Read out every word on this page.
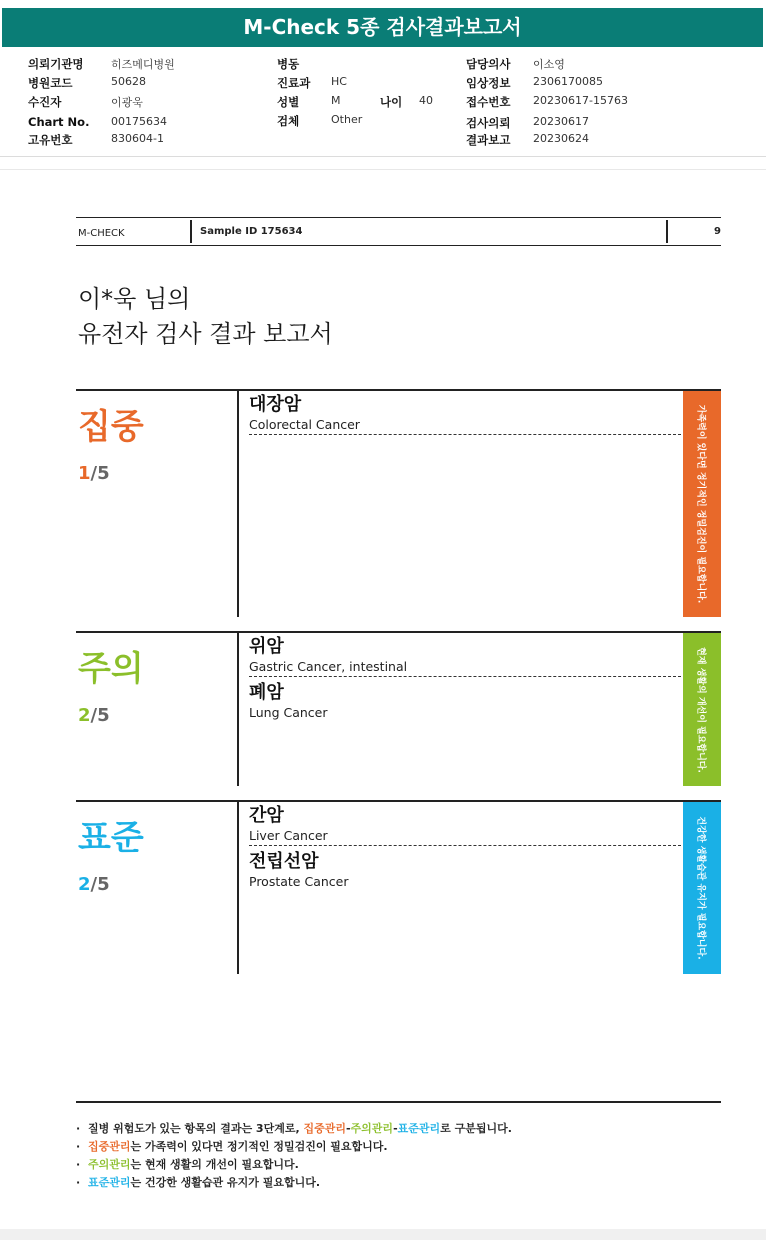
M-Check 5종 검사결과보고서
의뢰기관명 히즈메디병원
병원코드	50628
수진자	이광욱
Chart No. 00175634
고유번호	830604-1
병동
진료과 HC
성별	M	나이 40
검체	Other
담당의사 이소영
임상정보 2306170085
접수번호 20230617-15763
검사의뢰 20230617
결과보고 20230624
M-CHECK	Sample ID 175634	9
이*욱 님의
유전자 검사 결과 보고서
집중
1/5
대장암
Colorectal Cancer	가족력이 있다면 정기적인 정밀검진이 필요합니다.
주의
2/5
위암
Gastric Cancer, intestinal
폐암
Lung Cancer	현재 생활의 개선이 필요합니다.
표준
2/5
간암
Liver Cancer
전립선암
Prostate Cancer	건강한 생활습관 유지가 필요합니다.
· 질병 위험도가 있는 항목의 결과는 3단계로, 집중관리-주의관리-표준관리로 구분됩니다.
· 집중관리는 가족력이 있다면 정기적인 정밀검진이 필요합니다.
· 주의관리는 현재 생활의 개선이 필요합니다.
· 표준관리는 건강한 생활습관 유지가 필요합니다.
